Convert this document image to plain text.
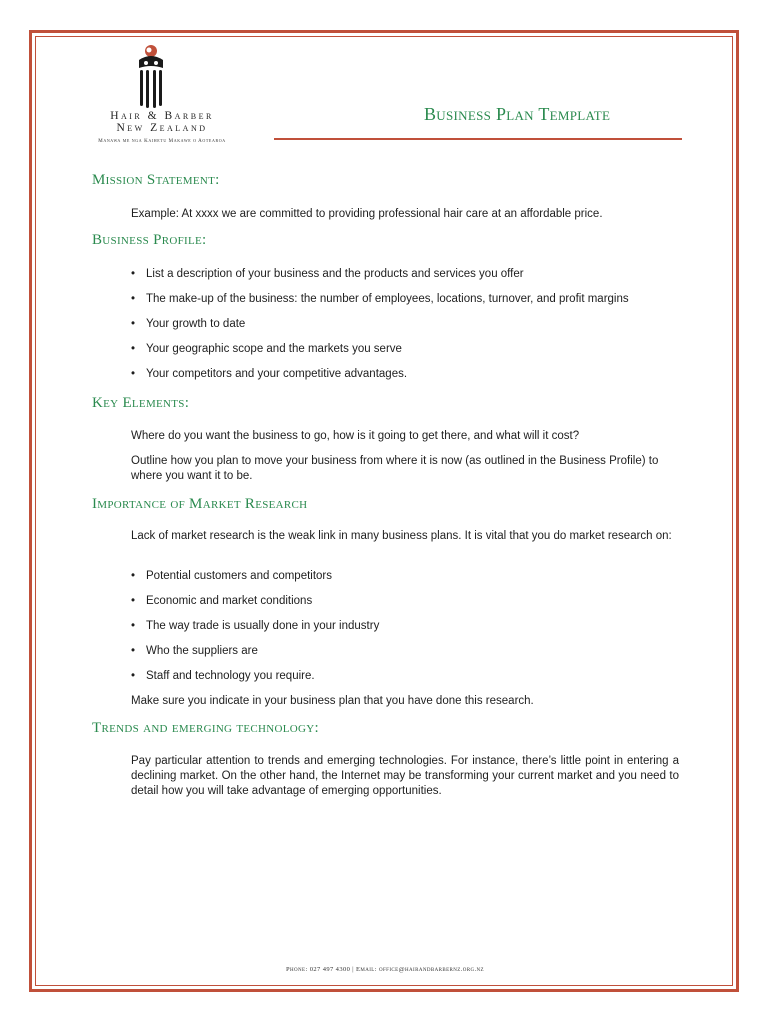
Hair & Barber
New Zealand
Manawa me nga Kaihetu Makawe o Aotearoa
Business Plan Template
Mission Statement:
Example: At xxxx we are committed to providing professional hair care at an affordable price.
Business Profile:
• List a description of your business and the products and services you offer
• The make-up of the business: the number of employees, locations, turnover, and profit margins
• Your growth to date
• Your geographic scope and the markets you serve
• Your competitors and your competitive advantages.
Key Elements:
Where do you want the business to go, how is it going to get there, and what will it cost?
Outline how you plan to move your business from where it is now (as outlined in the Business Profile) to where you want it to be.
Importance of Market Research
Lack of market research is the weak link in many business plans. It is vital that you do market research on:
• Potential customers and competitors
• Economic and market conditions
• The way trade is usually done in your industry
• Who the suppliers are
• Staff and technology you require.
Make sure you indicate in your business plan that you have done this research.
Trends and emerging technology:
Pay particular attention to trends and emerging technologies. For instance, there’s little point in entering a declining market. On the other hand, the Internet may be transforming your current market and you need to detail how you will take advantage of emerging opportunities.
Phone: 027 497 4300 | Email: office@hairandbarbernz.org.nz
